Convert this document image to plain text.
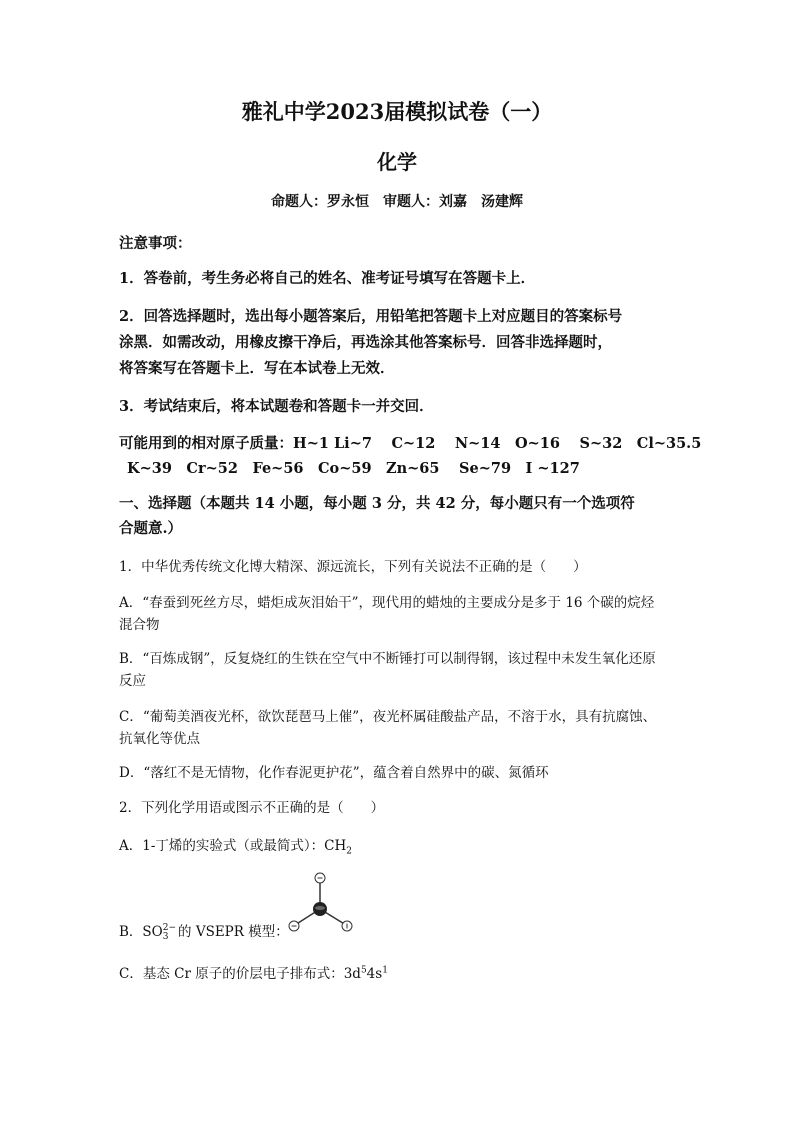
雅礼中学2023届模拟试卷（一）
化学
命题人：罗永恒　审题人：刘嘉　汤建辉
注意事项：
1．答卷前，考生务必将自己的姓名、准考证号填写在答题卡上．
2．回答选择题时，选出每小题答案后，用铅笔把答题卡上对应题目的答案标号
涂黑．如需改动，用橡皮擦干净后，再选涂其他答案标号．回答非选择题时，
将答案写在答题卡上．写在本试卷上无效．
3．考试结束后，将本试题卷和答题卡一并交回．
可能用到的相对原子质量：H~1 Li~7　 C~12　 N~14　O~16　 S~32　Cl~35.5
K~39　Cr~52　Fe~56　Co~59　Zn~65　 Se~79　I ~127
一、选择题（本题共 14 小题，每小题 3 分，共 42 分，每小题只有一个选项符
合题意.）
1．中华优秀传统文化博大精深、源远流长，下列有关说法不正确的是（　　）
A．“春蚕到死丝方尽，蜡炬成灰泪始干”，现代用的蜡烛的主要成分是多于 16 个碳的烷烃
混合物
B．“百炼成钢”，反复烧红的生铁在空气中不断锤打可以制得钢，该过程中未发生氧化还原
反应
C．“葡萄美酒夜光杯，欲饮琵琶马上催”，夜光杯属硅酸盐产品，不溶于水，具有抗腐蚀、
抗氧化等优点
D．“落红不是无情物，化作春泥更护花”，蕴含着自然界中的碳、氮循环
2．下列化学用语或图示不正确的是（　　）
A．1-丁烯的实验式（或最简式）：$CH_2$
B．SO 2−
3 的 VSEPR 模型：
C．基态 Cr 原子的价层电子排布式：$3d^54s^1$
